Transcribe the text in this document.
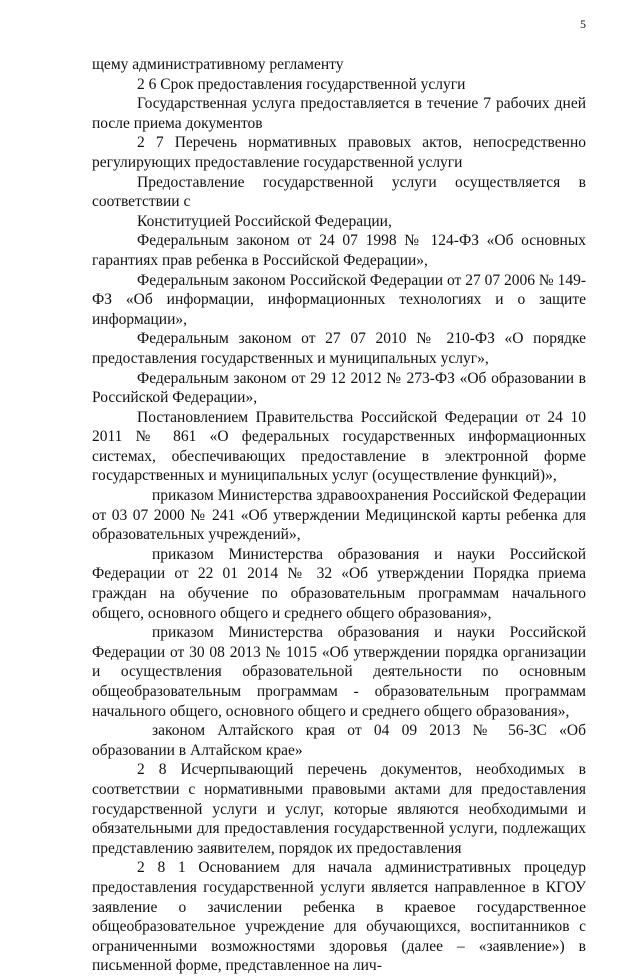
5

щему административному регламенту

2 6 Срок предоставления государственной услуги

Государственная услуга предоставляется в течение 7 рабочих дней после приема документов

2 7 Перечень нормативных правовых актов, непосредственно регулирующих предоставление государственной услуги

Предоставление государственной услуги осуществляется в соответствии с

Конституцией Российской Федерации,

Федеральным законом от 24 07 1998 № 124-ФЗ «Об основных гарантиях прав ребенка в Российской Федерации»,

Федеральным законом Российской Федерации от 27 07 2006 № 149-ФЗ «Об информации, информационных технологиях и о защите информации»,

Федеральным законом от 27 07 2010 № 210-ФЗ «О порядке предоставления государственных и муниципальных услуг»,

Федеральным законом от 29 12 2012 № 273-ФЗ «Об образовании в Российской Федерации»,

Постановлением Правительства Российской Федерации от 24 10 2011 № 861 «О федеральных государственных информационных системах, обеспечивающих предоставление в электронной форме государственных и муниципальных услуг (осуществление функций)»,

приказом Министерства здравоохранения Российской Федерации от 03 07 2000 № 241 «Об утверждении Медицинской карты ребенка для образовательных учреждений»,

приказом Министерства образования и науки Российской Федерации от 22 01 2014 № 32 «Об утверждении Порядка приема граждан на обучение по образовательным программам начального общего, основного общего и среднего общего образования»,

приказом Министерства образования и науки Российской Федерации от 30 08 2013 № 1015 «Об утверждении порядка организации и осуществления образовательной деятельности по основным общеобразовательным программам - образовательным программам начального общего, основного общего и среднего общего образования»,

законом Алтайского края от 04 09 2013 № 56-ЗС «Об образовании в Алтайском крае»

2 8 Исчерпывающий перечень документов, необходимых в соответствии с нормативными правовыми актами для предоставления государственной услуги и услуг, которые являются необходимыми и обязательными для предоставления государственной услуги, подлежащих представлению заявителем, порядок их предоставления

2 8 1 Основанием для начала административных процедур предоставления государственной услуги является направленное в КГОУ заявление о зачислении ребенка в краевое государственное общеобразовательное учреждение для обучающихся, воспитанников с ограниченными возможностями здоровья (далее – «заявление») в письменной форме, представленное на лич-
